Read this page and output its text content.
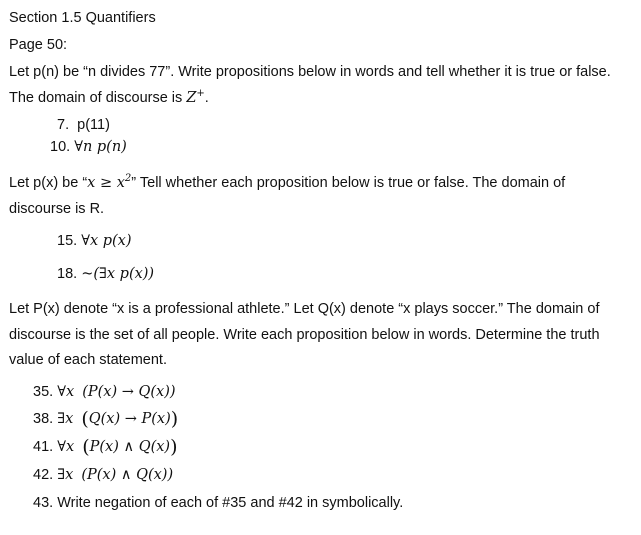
Section 1.5 Quantifiers
Page 50:
Let p(n) be “n divides 77”. Write propositions below in words and tell whether it is true or false.
The domain of discourse is Z+.
7. p(11)
10. ∀n p(n)
Let p(x) be “$x \ge x^2$” Tell whether each proposition below is true or false. The domain of
discourse is R.
15. ∀x p(x)
18. ~(∃x p(x))
Let P(x) denote “x is a professional athlete.” Let Q(x) denote “x plays soccer.” The domain of
discourse is the set of all people. Write each proposition below in words. Determine the truth
value of each statement.
35. ∀x (P(x) → Q(x))
38. ∃x (Q(x) → P(x))
41. ∀x (P(x) ∧ Q(x))
42. ∃x (P(x) ∧ Q(x))
43. Write negation of each of #35 and #42 in symbolically.
